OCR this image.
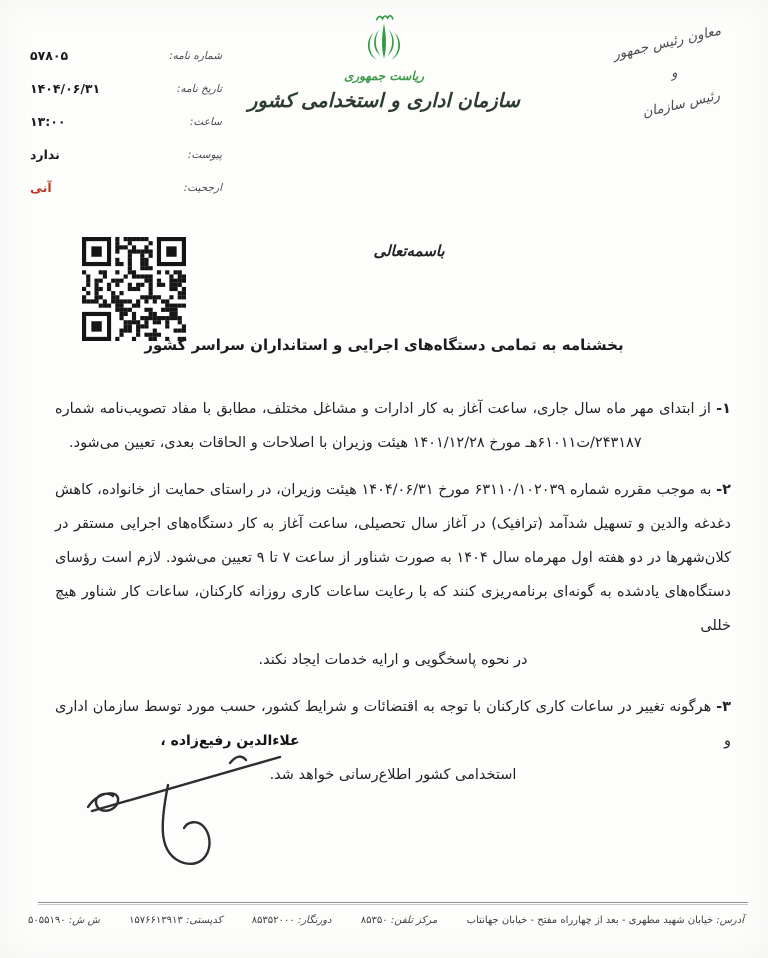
شماره نامه:
۵۷۸۰۵
تاریخ نامه:
۱۴۰۴/۰۶/۳۱
ساعت:
۱۳:۰۰
پیوست:
ندارد
ارجحیت:
آنی
ریاست جمهوری
سازمان اداری و استخدامی کشور
معاون رئیس جمهور
و
رئیس سازمان
باسمه‌تعالی
بخشنامه به تمامی دستگاه‌های اجرایی و استانداران سراسر کشور
۱- از ابتدای مهر ماه سال جاری، ساعت آغاز به کار ادارات و مشاغل مختلف، مطابق با مفاد تصویب‌نامه شماره
۲۴۳۱۸۷/ت۶۱۰۱۱هـ مورخ ۱۴۰۱/۱۲/۲۸ هیئت وزیران با اصلاحات و الحاقات بعدی، تعیین می‌شود.
۲- به موجب مقرره شماره ۶۳۱۱۰/۱۰۲۰۳۹ مورخ ۱۴۰۴/۰۶/۳۱ هیئت وزیران، در راستای حمایت از خانواده، کاهش
دغدغه والدین و تسهیل شدآمد (ترافیک) در آغاز سال تحصیلی، ساعت آغاز به کار دستگاه‌های اجرایی مستقر در
کلان‌شهرها در دو هفته اول مهرماه سال ۱۴۰۴ به صورت شناور از ساعت ۷ تا ۹ تعیین می‌شود. لازم است رؤسای
دستگاه‌های یادشده به گونه‌ای برنامه‌ریزی کنند که با رعایت ساعات کاری روزانه کارکنان، ساعات کار شناور هیچ خللی
در نحوه پاسخگویی و ارایه خدمات ایجاد نکند.
۳- هرگونه تغییر در ساعات کاری کارکنان با توجه به اقتضائات و شرایط کشور، حسب مورد توسط سازمان اداری و
استخدامی کشور اطلاع‌رسانی خواهد شد.
علاءالدین رفیع‌زاده ،
آدرس: خیابان شهید مطهری - بعد از چهارراه مفتح - خیابان جهانتاب
مرکز تلفن: ۸۵۳۵۰
دورنگار: ۸۵۳۵۲۰۰۰
کدپستی: ۱۵۷۶۶۱۳۹۱۳
ش ش: ۵۰۵۵۱۹۰
